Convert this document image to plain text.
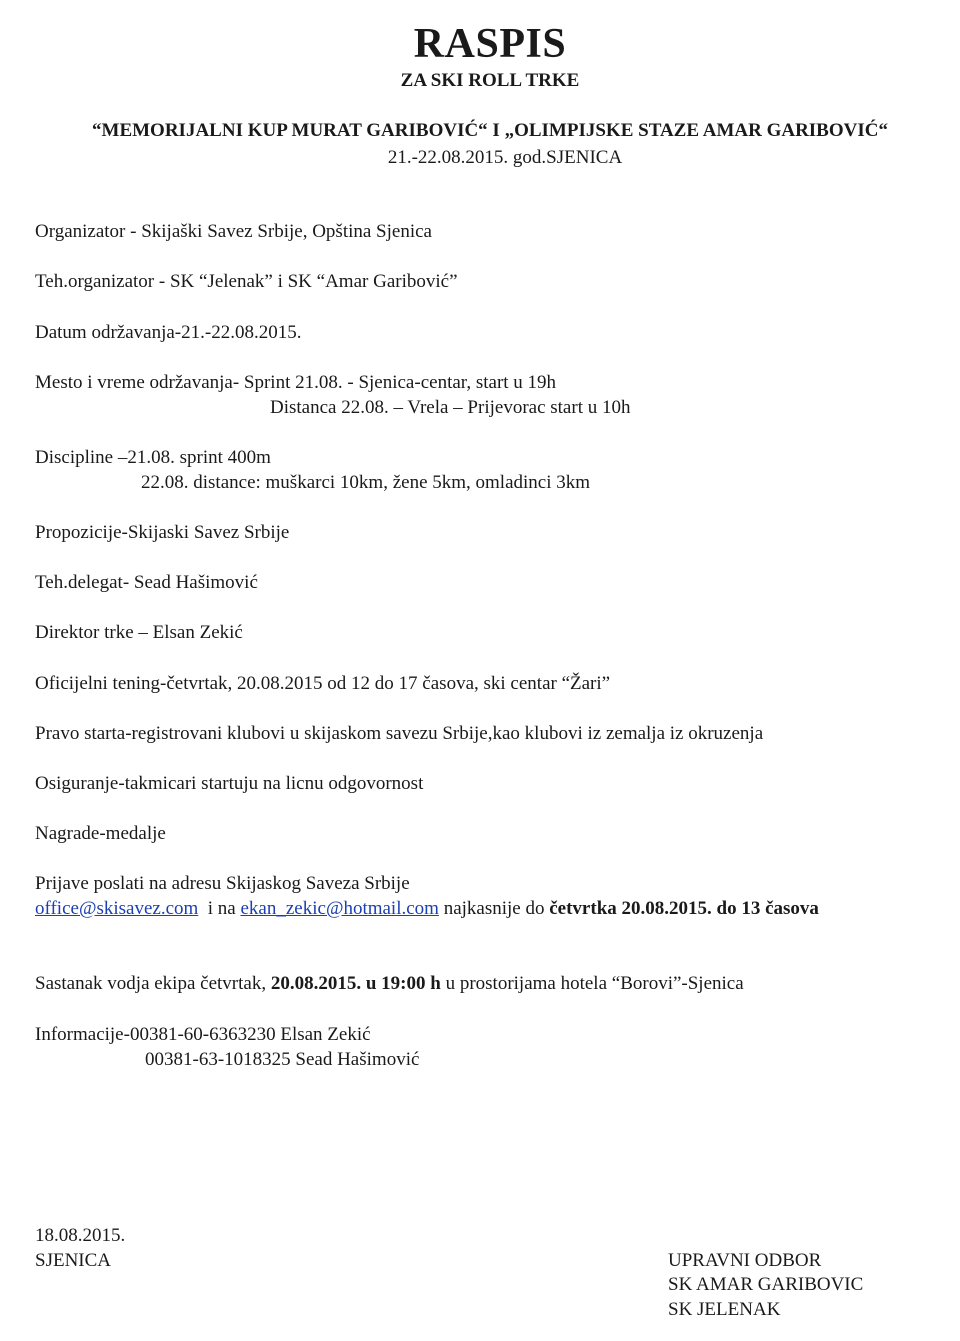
RASPIS
ZA SKI ROLL TRKE
“MEMORIJALNI KUP MURAT GARIBOVIĆ“ I „OLIMPIJSKE STAZE AMAR GARIBOVIĆ“
21.-22.08.2015. god.SJENICA
Organizator - Skijaški Savez Srbije, Opština Sjenica
Teh.organizator - SK “Jelenak” i SK “Amar Garibović”
Datum održavanja-21.-22.08.2015.
Mesto i vreme održavanja- Sprint 21.08. - Sjenica-centar, start u 19h
Distanca 22.08. – Vrela – Prijevorac start u 10h
Discipline –21.08. sprint 400m
22.08. distance: muškarci 10km, žene 5km, omladinci 3km
Propozicije-Skijaski Savez Srbije
Teh.delegat- Sead Hašimović
Direktor trke – Elsan Zekić
Oficijelni tening-četvrtak, 20.08.2015 od 12 do 17 časova, ski centar “Žari”
Pravo starta-registrovani klubovi u skijaskom savezu Srbije,kao klubovi iz zemalja iz okruzenja
Osiguranje-takmicari startuju na licnu odgovornost
Nagrade-medalje
Prijave poslati na adresu Skijaskog Saveza Srbije
office@skisavez.com  i na ekan_zekic@hotmail.com najkasnije do četvrtka 20.08.2015. do 13 časova
Sastanak vodja ekipa četvrtak, 20.08.2015. u 19:00 h u prostorijama hotela “Borovi”-Sjenica
Informacije-00381-60-6363230 Elsan Zekić
00381-63-1018325 Sead Hašimović
18.08.2015.
SJENICA	UPRAVNI ODBOR
SK AMAR GARIBOVIC
SK JELENAK
